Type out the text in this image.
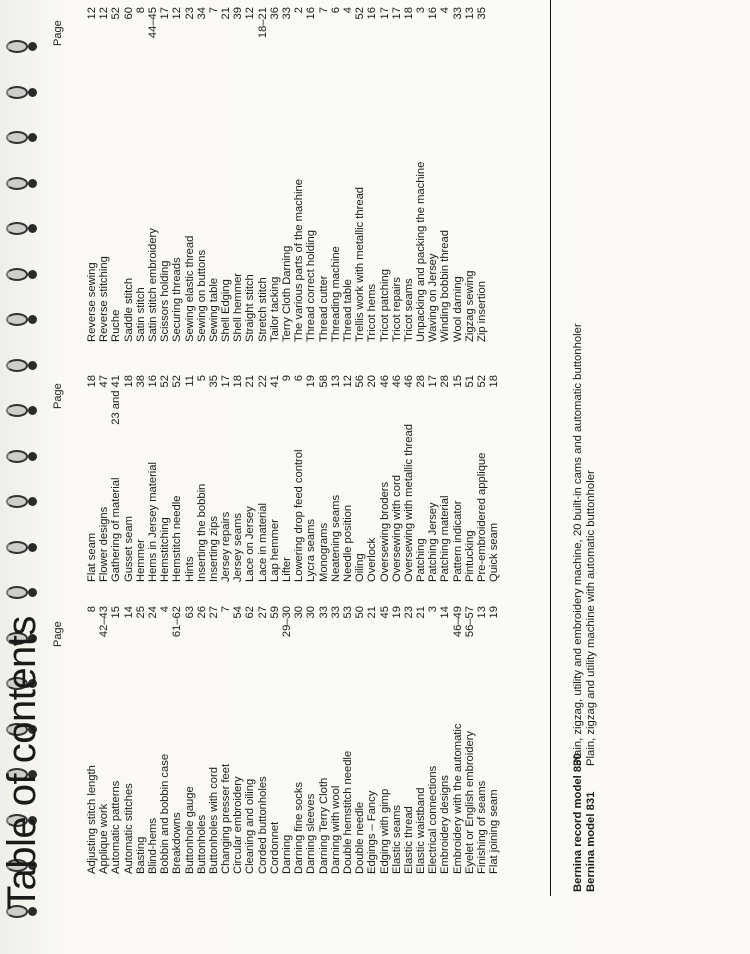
Table of contents Page
Page
Page
Adjusting stitch length
8
Applique work
42–43
Automatic patterns
15
Automatic stitches
14
Basting
25
Blind-hems
24
Bobbin and bobbin case
4
Breakdowns
61–62
Buttonhole gauge
63
Buttonholes
26
Buttonholes with cord
27
Changing presser feet
7
Circular embroidery
54
Cleaning and oiling
62
Corded buttonholes
27
Cordonnet
59
Darning
29–30
Darning fine socks
30
Darning sleeves
30
Darning Terry Cloth
33
Darning with wool
33
Double hemstitch needle
53
Double needle
50
Edgings – Fancy
21
Edging with gimp
45
Elastic seams
19
Elastic thread
23
Elastic waistband
21
Electrical connections
3
Embroidery designs
14
Embroidery with the automatic
46–49
Eyelet or English embroidery
56–57
Finishing of seams
13
Flat joining seam
19
Flat seam
18
Flower designs
47
Gathering of material
23 and 41
Gusset seam
18
Hemmer
38
Hems in Jersey material
16
Hemstitching
52
Hemstitch needle
52
Hints
11
Inserting the bobbin
5
Inserting zips
35
Jersey repairs
17
Jersey seams
18
Lace on Jersey
21
Lace in material
22
Lap hemmer
41
Lifter
9
Lowering drop feed control
6
Lycra seams
19
Monograms
58
Neatening seams
13
Needle position
12
Oiling
56
Overlock
20
Oversewing broders
46
Oversewing with cord
46
Oversewing with metallic thread
46
Patching
28
Patching Jersey
17
Patching material
28
Pattern indicator
15
Pintucking
51
Pre-embroidered applique
52
Quick seam
18
Reverse sewing
12
Reverse stitching
12
Ruche
52
Saddle stitch
60
Satin stitch
8
Satin stitch embroidery
44–45
Scissors holding
17
Securing threads
12
Sewing elastic thread
23
Sewing on buttons
34
Sewing table
7
Shell Edging
21
Shell hemmer
39
Straight stitch
12
Stretch stitch
18–21
Tailor tacking
36
Terry Cloth Darning
33
The various parts of the machine
2
Thread correct holding
16
Thread cutter
7
Threading machine
6
Thread table
4
Trellis work with metallic thread
52
Tricot hems
16
Tricot patching
17
Tricot repairs
17
Tricot seams
18
Unpacking and packing the machine
3
Waving on Jersey
16
Winding bobbin thread
4
Wool darning
33
Zigzag sewing
13
Zip insertion
35
Bernina record model 830Plain, zigzag, utility and embroidery machine, 20 built-in cams and automatic buttonholer
Bernina model 831Plain, zigzag and utility machine with automatic buttonholer
